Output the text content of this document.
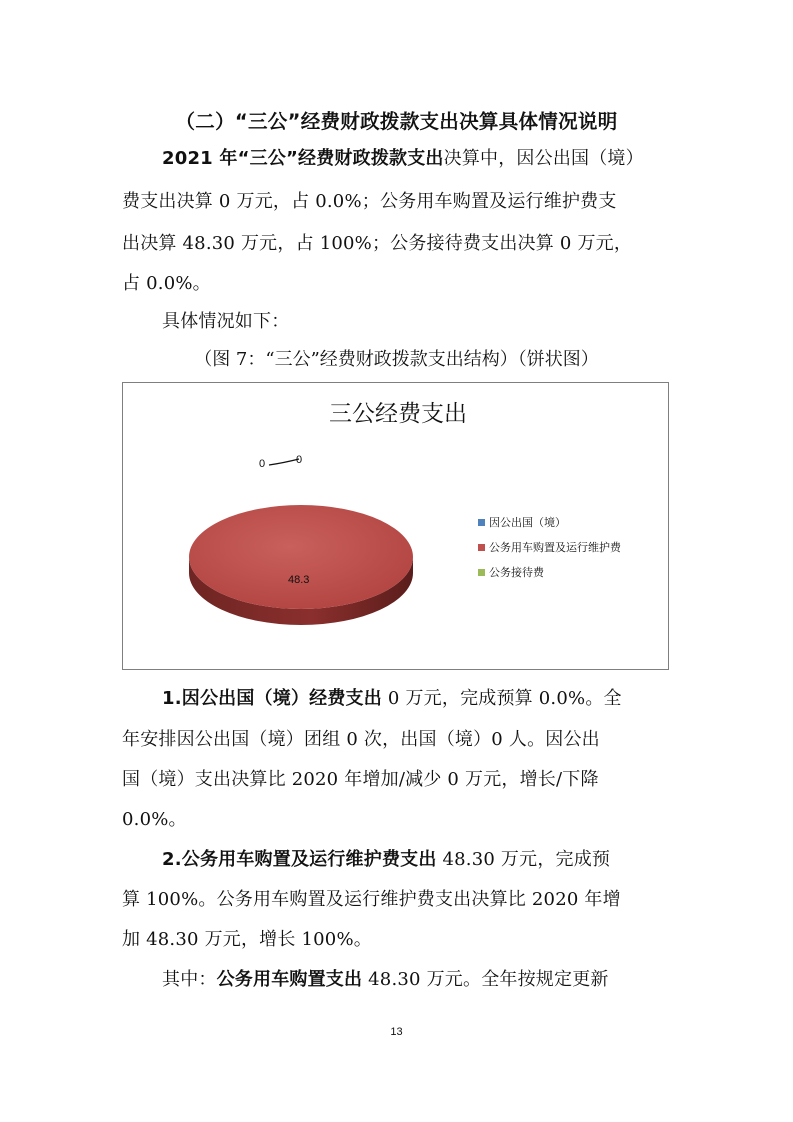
（二）“三公”经费财政拨款支出决算具体情况说明
2021 年“三公”经费财政拨款支出决算中，因公出国（境）
费支出决算 0 万元，占 0.0%；公务用车购置及运行维护费支
出决算 48.30 万元，占 100%；公务接待费支出决算 0 万元，
占 0.0%。
具体情况如下：
（图 7：“三公”经费财政拨款支出结构）（饼状图）
三公经费支出
0	0
48.3
因公出国（境）
公务用车购置及运行维护费
公务接待费
1.因公出国（境）经费支出 0 万元，完成预算 0.0%。全
年安排因公出国（境）团组 0 次，出国（境）0 人。因公出
国（境）支出决算比 2020 年增加/减少 0 万元，增长/下降
0.0%。
2.公务用车购置及运行维护费支出 48.30 万元，完成预
算 100%。公务用车购置及运行维护费支出决算比 2020 年增
加 48.30 万元，增长 100%。
其中：公务用车购置支出 48.30 万元。全年按规定更新
13
